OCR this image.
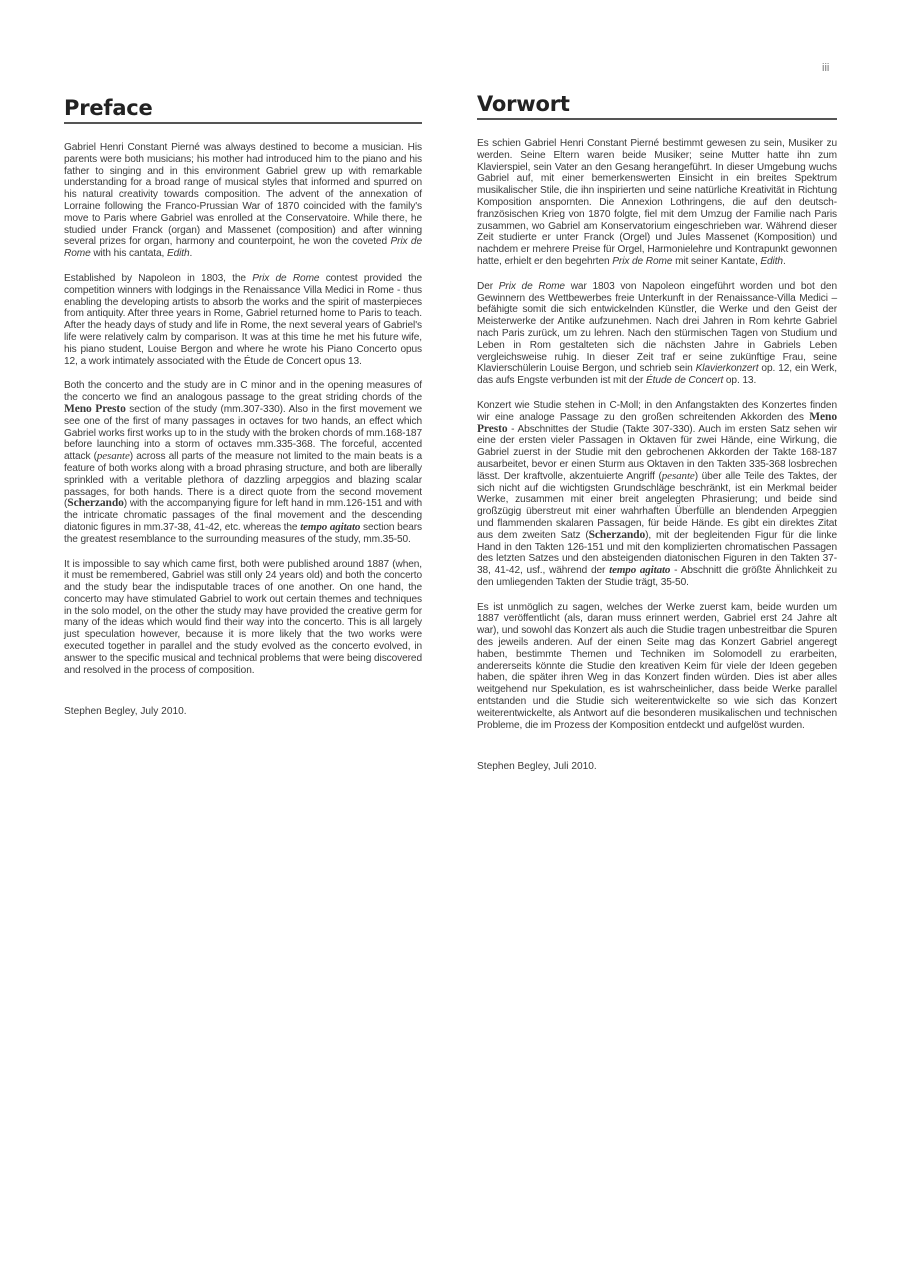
iii
Preface

Gabriel Henri Constant Pierné was always destined to become a musician. His parents were both musicians; his mother had introduced him to the piano and his father to singing and in this environment Gabriel grew up with remarkable understanding for a broad range of musical styles that informed and spurred on his natural creativity towards composition. The advent of the annexation of Lorraine following the Franco-Prussian War of 1870 coincided with the family's move to Paris where Gabriel was enrolled at the Conservatoire. While there, he studied under Franck (organ) and Massenet (composition) and after winning several prizes for organ, harmony and counterpoint, he won the coveted Prix de Rome with his cantata, Edith.

Established by Napoleon in 1803, the Prix de Rome contest provided the competition winners with lodgings in the Renaissance Villa Medici in Rome - thus enabling the developing artists to absorb the works and the spirit of masterpieces from antiquity. After three years in Rome, Gabriel returned home to Paris to teach. After the heady days of study and life in Rome, the next several years of Gabriel's life were relatively calm by comparison. It was at this time he met his future wife, his piano student, Louise Bergon and where he wrote his Piano Concerto opus 12, a work intimately associated with the Étude de Concert opus 13.

Both the concerto and the study are in C minor and in the opening measures of the concerto we find an analogous passage to the great striding chords of the Meno Presto section of the study (mm.307-330). Also in the first movement we see one of the first of many passages in octaves for two hands, an effect which Gabriel works first works up to in the study with the broken chords of mm.168-187 before launching into a storm of octaves mm.335-368. The forceful, accented attack (pesante) across all parts of the measure not limited to the main beats is a feature of both works along with a broad phrasing structure, and both are liberally sprinkled with a veritable plethora of dazzling arpeggios and blazing scalar passages, for both hands. There is a direct quote from the second movement (Scherzando) with the accompanying figure for left hand in mm.126-151 and with the intricate chromatic passages of the final movement and the descending diatonic figures in mm.37-38, 41-42, etc. whereas the tempo agitato section bears the greatest resemblance to the surrounding measures of the study, mm.35-50.

It is impossible to say which came first, both were published around 1887 (when, it must be remembered, Gabriel was still only 24 years old) and both the concerto and the study bear the indisputable traces of one another. On one hand, the concerto may have stimulated Gabriel to work out certain themes and techniques in the solo model, on the other the study may have provided the creative germ for many of the ideas which would find their way into the concerto. This is all largely just speculation however, because it is more likely that the two works were executed together in parallel and the study evolved as the concerto evolved, in answer to the specific musical and technical problems that were being discovered and resolved in the process of composition.

Stephen Begley, July 2010.
Vorwort

Es schien Gabriel Henri Constant Pierné bestimmt gewesen zu sein, Musiker zu werden. Seine Eltern waren beide Musiker; seine Mutter hatte ihn zum Klavierspiel, sein Vater an den Gesang herangeführt. In dieser Umgebung wuchs Gabriel auf, mit einer bemerkenswerten Einsicht in ein breites Spektrum musikalischer Stile, die ihn inspirierten und seine natürliche Kreativität in Richtung Komposition anspornten. Die Annexion Lothringens, die auf den deutsch-französischen Krieg von 1870 folgte, fiel mit dem Umzug der Familie nach Paris zusammen, wo Gabriel am Konservatorium eingeschrieben war. Während dieser Zeit studierte er unter Franck (Orgel) und Jules Massenet (Komposition) und nachdem er mehrere Preise für Orgel, Harmonielehre und Kontrapunkt gewonnen hatte, erhielt er den begehrten Prix de Rome mit seiner Kantate, Edith.

Der Prix de Rome war 1803 von Napoleon eingeführt worden und bot den Gewinnern des Wettbewerbes freie Unterkunft in der Renaissance-Villa Medici – befähigte somit die sich entwickelnden Künstler, die Werke und den Geist der Meisterwerke der Antike aufzunehmen. Nach drei Jahren in Rom kehrte Gabriel nach Paris zurück, um zu lehren. Nach den stürmischen Tagen von Studium und Leben in Rom gestalteten sich die nächsten Jahre in Gabriels Leben vergleichsweise ruhig. In dieser Zeit traf er seine zukünftige Frau, seine Klavierschülerin Louise Bergon, und schrieb sein Klavierkonzert op. 12, ein Werk, das aufs Engste verbunden ist mit der Étude de Concert op. 13.

Konzert wie Studie stehen in C-Moll; in den Anfangstakten des Konzertes finden wir eine analoge Passage zu den großen schreitenden Akkorden des Meno Presto - Abschnittes der Studie (Takte 307-330). Auch im ersten Satz sehen wir eine der ersten vieler Passagen in Oktaven für zwei Hände, eine Wirkung, die Gabriel zuerst in der Studie mit den gebrochenen Akkorden der Takte 168-187 ausarbeitet, bevor er einen Sturm aus Oktaven in den Takten 335-368 losbrechen lässt. Der kraftvolle, akzentuierte Angriff (pesante) über alle Teile des Taktes, der sich nicht auf die wichtigsten Grundschläge beschränkt, ist ein Merkmal beider Werke, zusammen mit einer breit angelegten Phrasierung; und beide sind großzügig überstreut mit einer wahrhaften Überfülle an blendenden Arpeggien und flammenden skalaren Passagen, für beide Hände. Es gibt ein direktes Zitat aus dem zweiten Satz (Scherzando), mit der begleitenden Figur für die linke Hand in den Takten 126-151 und mit den komplizierten chromatischen Passagen des letzten Satzes und den absteigenden diatonischen Figuren in den Takten 37-38, 41-42, usf., während der tempo agitato - Abschnitt die größte Ähnlichkeit zu den umliegenden Takten der Studie trägt, 35-50.

Es ist unmöglich zu sagen, welches der Werke zuerst kam, beide wurden um 1887 veröffentlicht (als, daran muss erinnert werden, Gabriel erst 24 Jahre alt war), und sowohl das Konzert als auch die Studie tragen unbestreitbar die Spuren des jeweils anderen. Auf der einen Seite mag das Konzert Gabriel angeregt haben, bestimmte Themen und Techniken im Solomodell zu erarbeiten, andererseits könnte die Studie den kreativen Keim für viele der Ideen gegeben haben, die später ihren Weg in das Konzert finden würden. Dies ist aber alles weitgehend nur Spekulation, es ist wahrscheinlicher, dass beide Werke parallel entstanden und die Studie sich weiterentwickelte so wie sich das Konzert weiterentwickelte, als Antwort auf die besonderen musikalischen und technischen Probleme, die im Prozess der Komposition entdeckt und aufgelöst wurden.

Stephen Begley, Juli 2010.
